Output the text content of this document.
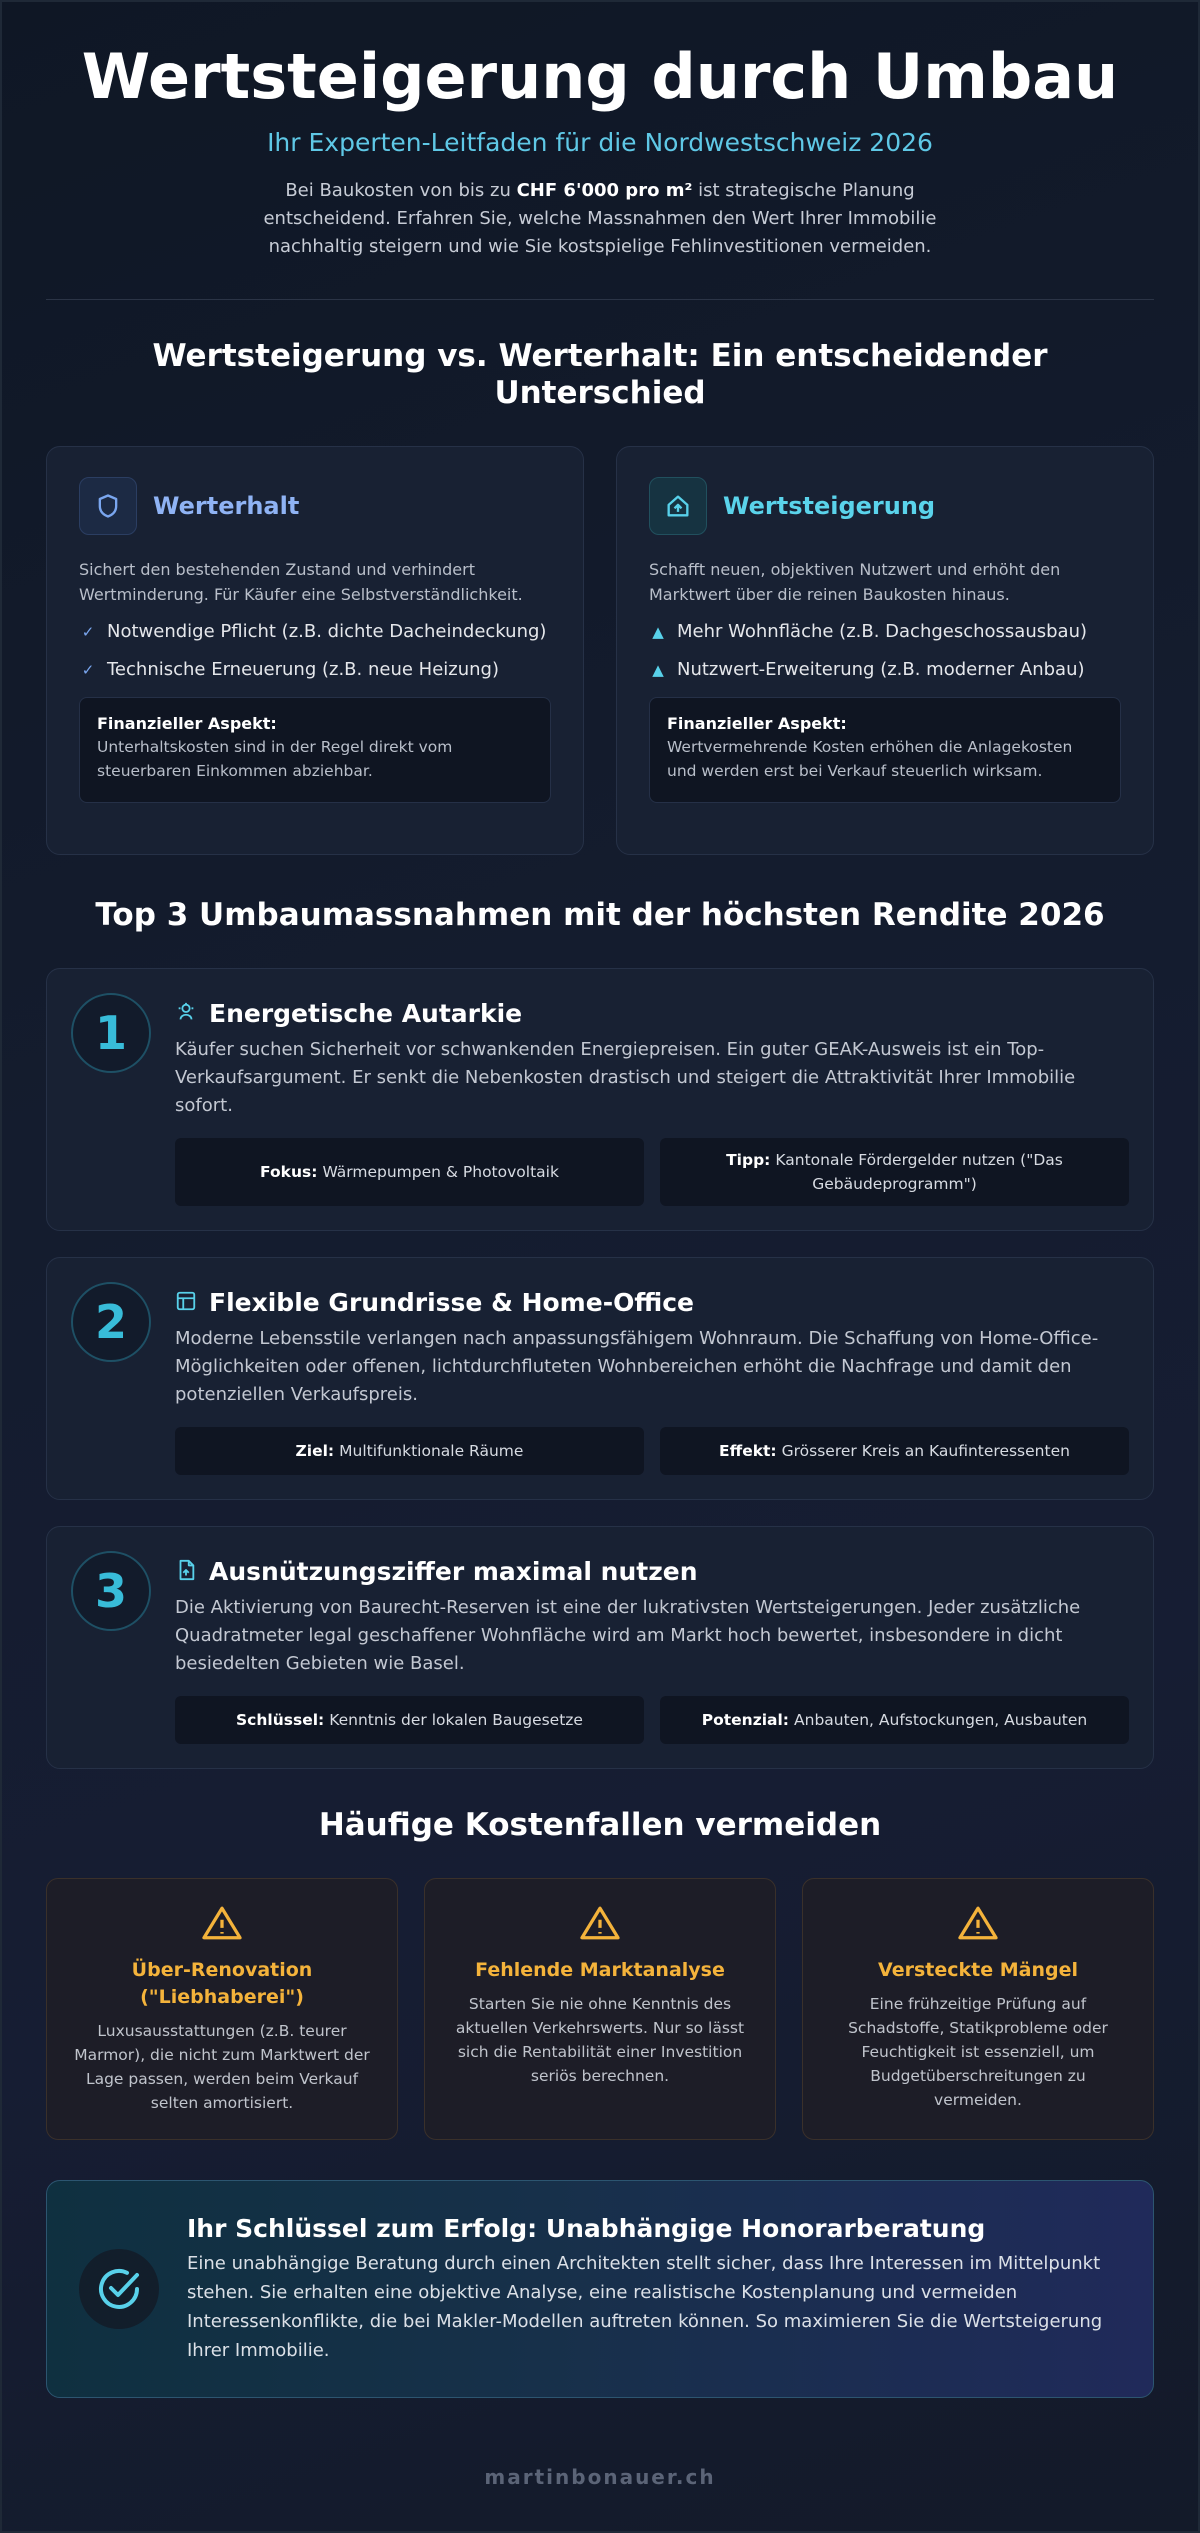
Wertsteigerung durch Umbau
Ihr Experten-Leitfaden für die Nordwestschweiz 2026

Bei Baukosten von bis zu CHF 6'000 pro m² ist strategische Planung entscheidend. Erfahren Sie, welche Massnahmen den Wert Ihrer Immobilie nachhaltig steigern und wie Sie kostspielige Fehlinvestitionen vermeiden.

Wertsteigerung vs. Werterhalt: Ein entscheidender Unterschied
Werterhalt

Sichert den bestehenden Zustand und verhindert Wertminderung. Für Käufer eine Selbstverständlichkeit.

✓ Notwendige Pflicht (z.B. dichte Dacheindeckung)
✓ Technische Erneuerung (z.B. neue Heizung)
Finanzieller Aspekt:
Unterhaltskosten sind in der Regel direkt vom steuerbaren Einkommen abziehbar.
Wertsteigerung

Schafft neuen, objektiven Nutzwert und erhöht den Marktwert über die reinen Baukosten hinaus.

▲ Mehr Wohnfläche (z.B. Dachgeschossausbau)
▲ Nutzwert-Erweiterung (z.B. moderner Anbau)
Finanzieller Aspekt:
Wertvermehrende Kosten erhöhen die Anlagekosten und werden erst bei Verkauf steuerlich wirksam.
Top 3 Umbaumassnahmen mit der höchsten Rendite 2026
1	Energetische Autarkie

Käufer suchen Sicherheit vor schwankenden Energiepreisen. Ein guter GEAK-Ausweis ist ein Top-Verkaufsargument. Er senkt die Nebenkosten drastisch und steigert die Attraktivität Ihrer Immobilie sofort.

Fokus: Wärmepumpen & Photovoltaik
Tipp: Kantonale Fördergelder nutzen ("Das Gebäudeprogramm")
2	Flexible Grundrisse & Home-Office

Moderne Lebensstile verlangen nach anpassungsfähigem Wohnraum. Die Schaffung von Home-Office-Möglichkeiten oder offenen, lichtdurchfluteten Wohnbereichen erhöht die Nachfrage und damit den potenziellen Verkaufspreis.

Ziel: Multifunktionale Räume	Effekt: Grösserer Kreis an Kaufinteressenten
3	Ausnützungsziffer maximal nutzen

Die Aktivierung von Baurecht-Reserven ist eine der lukrativsten Wertsteigerungen. Jeder zusätzliche Quadratmeter legal geschaffener Wohnfläche wird am Markt hoch bewertet, insbesondere in dicht besiedelten Gebieten wie Basel.

Schlüssel: Kenntnis der lokalen Baugesetze	Potenzial: Anbauten, Aufstockungen, Ausbauten
Häufige Kostenfallen vermeiden
Über-Renovation ("Liebhaberei")

Luxusausstattungen (z.B. teurer Marmor), die nicht zum Marktwert der Lage passen, werden beim Verkauf selten amortisiert.

Fehlende Marktanalyse

Starten Sie nie ohne Kenntnis des aktuellen Verkehrswerts. Nur so lässt sich die Rentabilität einer Investition seriös berechnen.

Versteckte Mängel

Eine frühzeitige Prüfung auf Schadstoffe, Statikprobleme oder Feuchtigkeit ist essenziell, um Budgetüberschreitungen zu vermeiden.

Ihr Schlüssel zum Erfolg: Unabhängige Honorarberatung

Eine unabhängige Beratung durch einen Architekten stellt sicher, dass Ihre Interessen im Mittelpunkt stehen. Sie erhalten eine objektive Analyse, eine realistische Kostenplanung und vermeiden Interessenkonflikte, die bei Makler-Modellen auftreten können. So maximieren Sie die Wertsteigerung Ihrer Immobilie.

martinbonauer.ch
